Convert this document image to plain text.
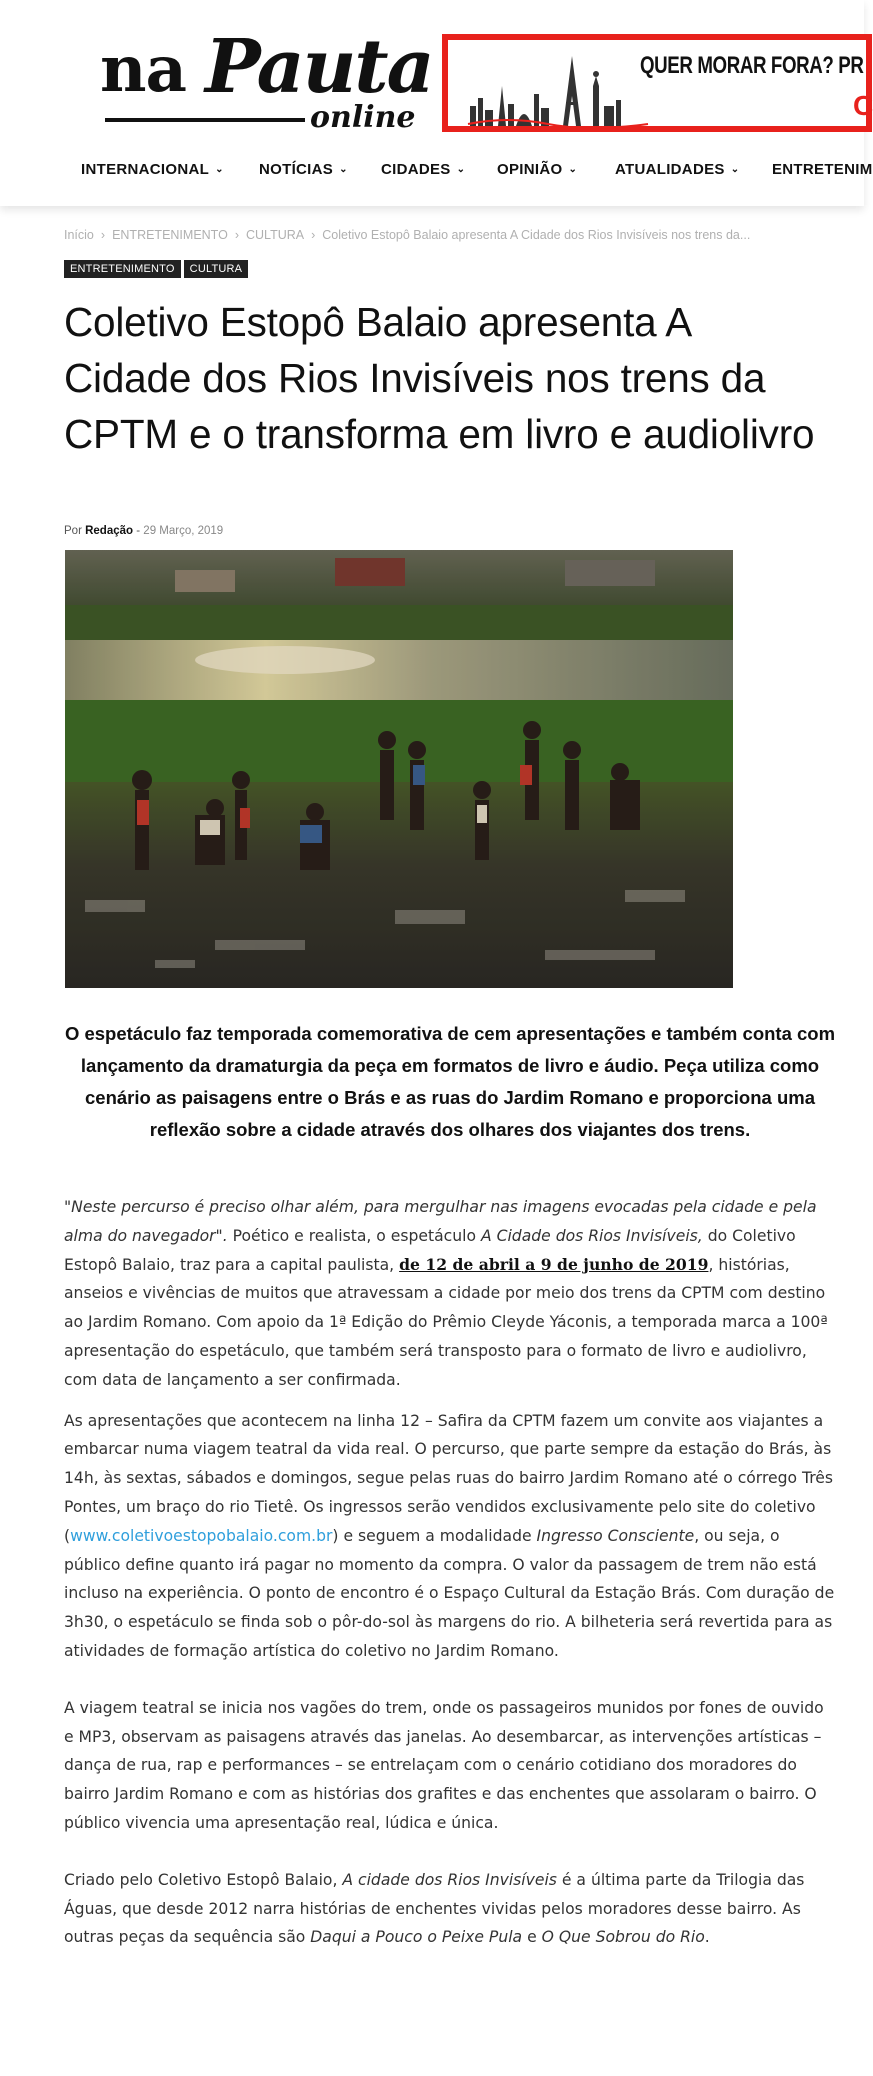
na Pauta
online
QUER MORAR FORA? PR
C
INTERNACIONAL ⌄ NOTÍCIAS ⌄ CIDADES ⌄ OPINIÃO ⌄	ATUALIDADES ⌄ ENTRETENIM
Início › ENTRETENIMENTO › CULTURA › Coletivo Estopô Balaio apresenta A Cidade dos Rios Invisíveis nos trens da...
ENTRETENIMENTO CULTURA
Coletivo Estopô Balaio apresenta A Cidade dos Rios Invisíveis nos trens da CPTM e o transforma em livro e audiolivro
Por Redação - 29 Março, 2019
O espetáculo faz temporada comemorativa de cem apresentações e também conta com lançamento da dramaturgia da peça em formatos de livro e áudio. Peça utiliza como cenário as paisagens entre o Brás e as ruas do Jardim Romano e proporciona uma reflexão sobre a cidade através dos olhares dos viajantes dos trens.

"Neste percurso é preciso olhar além, para mergulhar nas imagens evocadas pela cidade e pela alma do navegador". Poético e realista, o espetáculo A Cidade dos Rios Invisíveis, do Coletivo Estopô Balaio, traz para a capital paulista, de 12 de abril a 9 de junho de 2019, histórias, anseios e vivências de muitos que atravessam a cidade por meio dos trens da CPTM com destino ao Jardim Romano. Com apoio da 1ª Edição do Prêmio Cleyde Yáconis, a temporada marca a 100ª apresentação do espetáculo, que também será transposto para o formato de livro e audiolivro, com data de lançamento a ser confirmada.

As apresentações que acontecem na linha 12 – Safira da CPTM fazem um convite aos viajantes a embarcar numa viagem teatral da vida real. O percurso, que parte sempre da estação do Brás, às 14h, às sextas, sábados e domingos, segue pelas ruas do bairro Jardim Romano até o córrego Três Pontes, um braço do rio Tietê. Os ingressos serão vendidos exclusivamente pelo site do coletivo (www.coletivoestopobalaio.com.br) e seguem a modalidade Ingresso Consciente, ou seja, o público define quanto irá pagar no momento da compra. O valor da passagem de trem não está incluso na experiência. O ponto de encontro é o Espaço Cultural da Estação Brás. Com duração de 3h30, o espetáculo se finda sob o pôr-do-sol às margens do rio. A bilheteria será revertida para as atividades de formação artística do coletivo no Jardim Romano.

A viagem teatral se inicia nos vagões do trem, onde os passageiros munidos por fones de ouvido e MP3, observam as paisagens através das janelas. Ao desembarcar, as intervenções artísticas – dança de rua, rap e performances – se entrelaçam com o cenário cotidiano dos moradores do bairro Jardim Romano e com as histórias dos grafites e das enchentes que assolaram o bairro. O público vivencia uma apresentação real, lúdica e única.

Criado pelo Coletivo Estopô Balaio, A cidade dos Rios Invisíveis é a última parte da Trilogia das Águas, que desde 2012 narra histórias de enchentes vividas pelos moradores desse bairro. As outras peças da sequência são Daqui a Pouco o Peixe Pula e O Que Sobrou do Rio.
